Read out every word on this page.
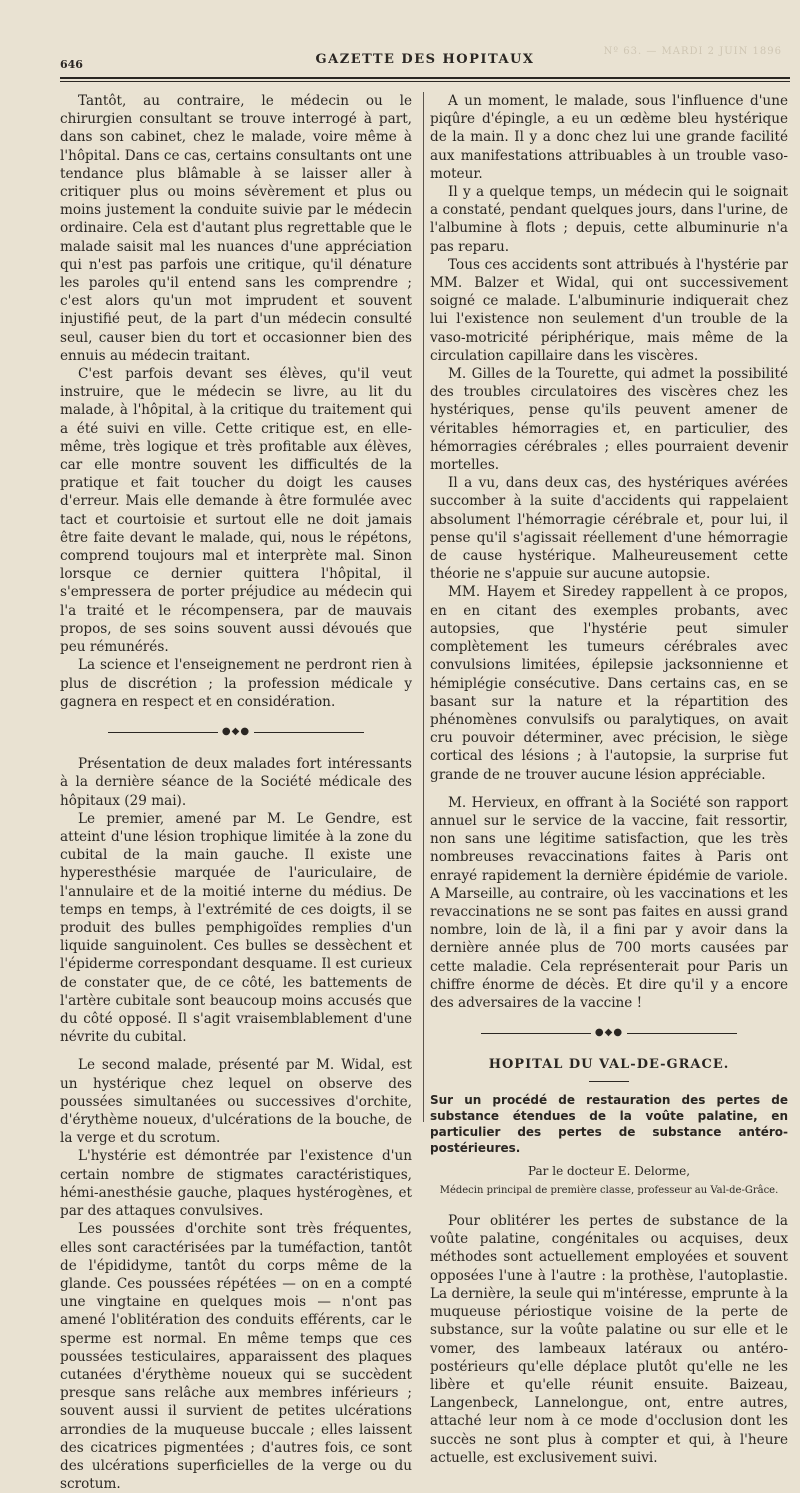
646	GAZETTE DES HOPITAUX
Nº 63. — MARDI 2 JUIN 1896

Tantôt, au contraire, le médecin ou le chirurgien consultant se trouve interrogé à part, dans son cabinet, chez le malade, voire même à l'hôpital. Dans ce cas, certains consultants ont une tendance plus blâmable à se laisser aller à critiquer plus ou moins sévèrement et plus ou moins justement la conduite suivie par le médecin ordinaire. Cela est d'autant plus regrettable que le malade saisit mal les nuances d'une appréciation qui n'est pas parfois une critique, qu'il dénature les paroles qu'il entend sans les comprendre ; c'est alors qu'un mot imprudent et souvent injustifié peut, de la part d'un médecin consulté seul, causer bien du tort et occasionner bien des ennuis au médecin traitant.

C'est parfois devant ses élèves, qu'il veut instruire, que le médecin se livre, au lit du malade, à l'hôpital, à la critique du traitement qui a été suivi en ville. Cette critique est, en elle-même, très logique et très profitable aux élèves, car elle montre souvent les difficultés de la pratique et fait toucher du doigt les causes d'erreur. Mais elle demande à être formulée avec tact et courtoisie et surtout elle ne doit jamais être faite devant le malade, qui, nous le répétons, comprend toujours mal et interprète mal. Sinon lorsque ce dernier quittera l'hôpital, il s'empressera de porter préjudice au médecin qui l'a traité et le récompensera, par de mauvais propos, de ses soins souvent aussi dévoués que peu rémunérés.

La science et l'enseignement ne perdront rien à plus de discrétion ; la profession médicale y gagnera en respect et en considération.

●◆●

Présentation de deux malades fort intéressants à la dernière séance de la Société médicale des hôpitaux (29 mai).

Le premier, amené par M. Le Gendre, est atteint d'une lésion trophique limitée à la zone du cubital de la main gauche. Il existe une hyperesthésie marquée de l'auriculaire, de l'annulaire et de la moitié interne du médius. De temps en temps, à l'extrémité de ces doigts, il se produit des bulles pemphigoïdes remplies d'un liquide sanguinolent. Ces bulles se dessèchent et l'épiderme correspondant desquame. Il est curieux de constater que, de ce côté, les battements de l'artère cubitale sont beaucoup moins accusés que du côté opposé. Il s'agit vraisemblablement d'une névrite du cubital.

Le second malade, présenté par M. Widal, est un hystérique chez lequel on observe des poussées simultanées ou successives d'orchite, d'érythème noueux, d'ulcérations de la bouche, de la verge et du scrotum.

L'hystérie est démontrée par l'existence d'un certain nombre de stigmates caractéristiques, hémi-anesthésie gauche, plaques hystérogènes, et par des attaques convulsives.

Les poussées d'orchite sont très fréquentes, elles sont caractérisées par la tuméfaction, tantôt de l'épididyme, tantôt du corps même de la glande. Ces poussées répétées — on en a compté une vingtaine en quelques mois — n'ont pas amené l'oblitération des conduits efférents, car le sperme est normal. En même temps que ces poussées testiculaires, apparaissent des plaques cutanées d'érythème noueux qui se succèdent presque sans relâche aux membres inférieurs ; souvent aussi il survient de petites ulcérations arrondies de la muqueuse buccale ; elles laissent des cicatrices pigmentées ; d'autres fois, ce sont des ulcérations superficielles de la verge ou du scrotum.

A un moment, le malade, sous l'influence d'une piqûre d'épingle, a eu un œdème bleu hystérique de la main. Il y a donc chez lui une grande facilité aux manifestations attribuables à un trouble vaso-moteur.

Il y a quelque temps, un médecin qui le soignait a constaté, pendant quelques jours, dans l'urine, de l'albumine à flots ; depuis, cette albuminurie n'a pas reparu.

Tous ces accidents sont attribués à l'hystérie par MM. Balzer et Widal, qui ont successivement soigné ce malade. L'albuminurie indiquerait chez lui l'existence non seulement d'un trouble de la vaso-motricité périphérique, mais même de la circulation capillaire dans les viscères.

M. Gilles de la Tourette, qui admet la possibilité des troubles circulatoires des viscères chez les hystériques, pense qu'ils peuvent amener de véritables hémorragies et, en particulier, des hémorragies cérébrales ; elles pourraient devenir mortelles.

Il a vu, dans deux cas, des hystériques avérées succomber à la suite d'accidents qui rappelaient absolument l'hémorragie cérébrale et, pour lui, il pense qu'il s'agissait réellement d'une hémorragie de cause hystérique. Malheureusement cette théorie ne s'appuie sur aucune autopsie.

MM. Hayem et Siredey rappellent à ce propos, en en citant des exemples probants, avec autopsies, que l'hystérie peut simuler complètement les tumeurs cérébrales avec convulsions limitées, épilepsie jacksonnienne et hémiplégie consécutive. Dans certains cas, en se basant sur la nature et la répartition des phénomènes convulsifs ou paralytiques, on avait cru pouvoir déterminer, avec précision, le siège cortical des lésions ; à l'autopsie, la surprise fut grande de ne trouver aucune lésion appréciable.

M. Hervieux, en offrant à la Société son rapport annuel sur le service de la vaccine, fait ressortir, non sans une légitime satisfaction, que les très nombreuses revaccinations faites à Paris ont enrayé rapidement la dernière épidémie de variole. A Marseille, au contraire, où les vaccinations et les revaccinations ne se sont pas faites en aussi grand nombre, loin de là, il a fini par y avoir dans la dernière année plus de 700 morts causées par cette maladie. Cela représenterait pour Paris un chiffre énorme de décès. Et dire qu'il y a encore des adversaires de la vaccine !

●◆●
HOPITAL DU VAL-DE-GRACE.
Sur un procédé de restauration des pertes de substance étendues de la voûte palatine, en particulier des pertes de substance antéro-postérieures.
Par le docteur E. Delorme,
Médecin principal de première classe, professeur au Val-de-Grâce.

Pour oblitérer les pertes de substance de la voûte palatine, congénitales ou acquises, deux méthodes sont actuellement employées et souvent opposées l'une à l'autre : la prothèse, l'autoplastie. La dernière, la seule qui m'intéresse, emprunte à la muqueuse périostique voisine de la perte de substance, sur la voûte palatine ou sur elle et le vomer, des lambeaux latéraux ou antéro-postérieurs qu'elle déplace plutôt qu'elle ne les libère et qu'elle réunit ensuite. Baizeau, Langenbeck, Lannelongue, ont, entre autres, attaché leur nom à ce mode d'occlusion dont les succès ne sont plus à compter et qui, à l'heure actuelle, est exclusivement suivi.
